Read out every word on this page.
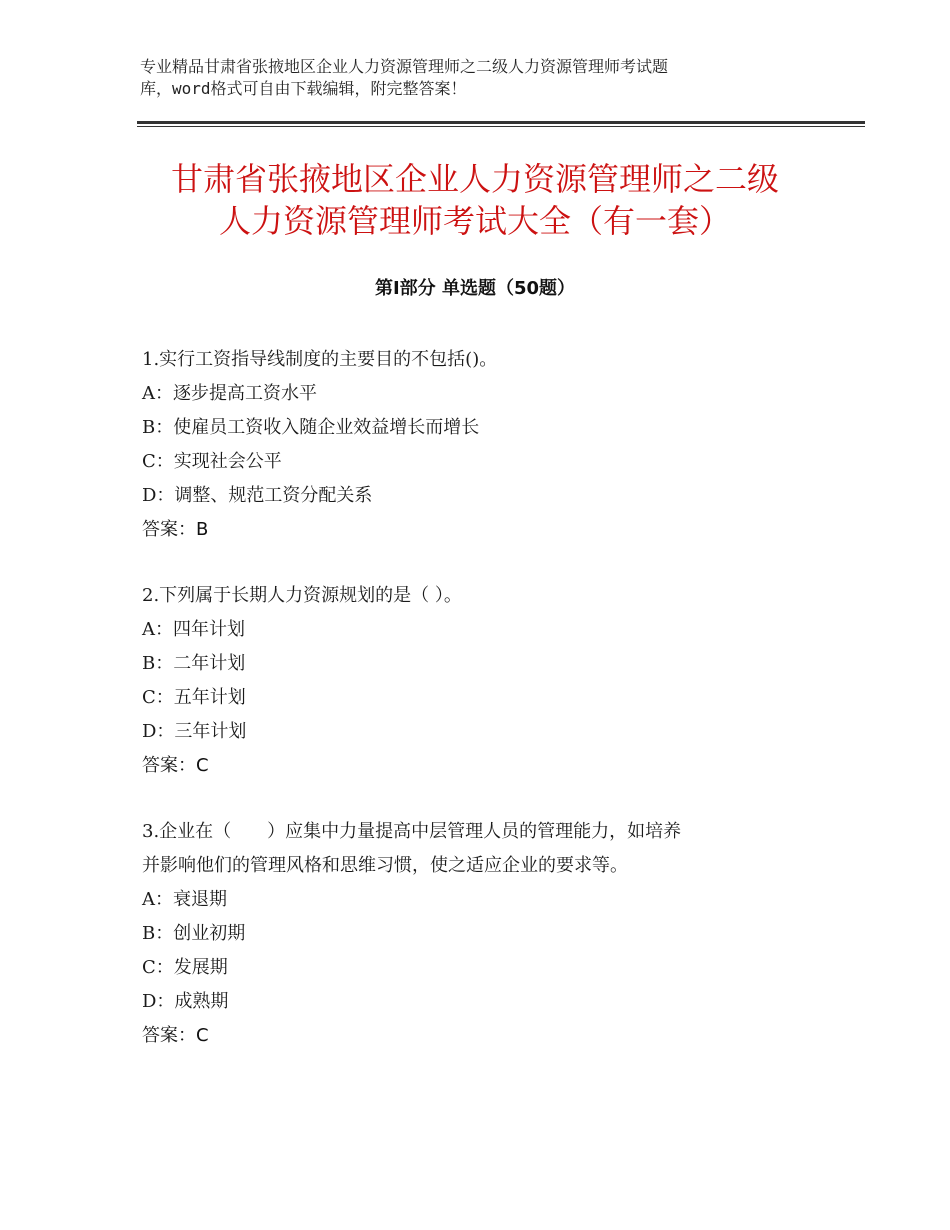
专业精品甘肃省张掖地区企业人力资源管理师之二级人力资源管理师考试题

库，word格式可自由下载编辑，附完整答案！

甘肃省张掖地区企业人力资源管理师之二级
人力资源管理师考试大全（有一套）
第Ⅰ部分 单选题（50题）

1.实行工资指导线制度的主要目的不包括()。

A：逐步提高工资水平

B：使雇员工资收入随企业效益增长而增长

C：实现社会公平

D：调整、规范工资分配关系

答案：B

2.下列属于长期人力资源规划的是（ ）。

A：四年计划

B：二年计划

C：五年计划

D：三年计划

答案：C

3.企业在（　　）应集中力量提高中层管理人员的管理能力，如培养

并影响他们的管理风格和思维习惯，使之适应企业的要求等。

A：衰退期

B：创业初期

C：发展期

D：成熟期

答案：C
